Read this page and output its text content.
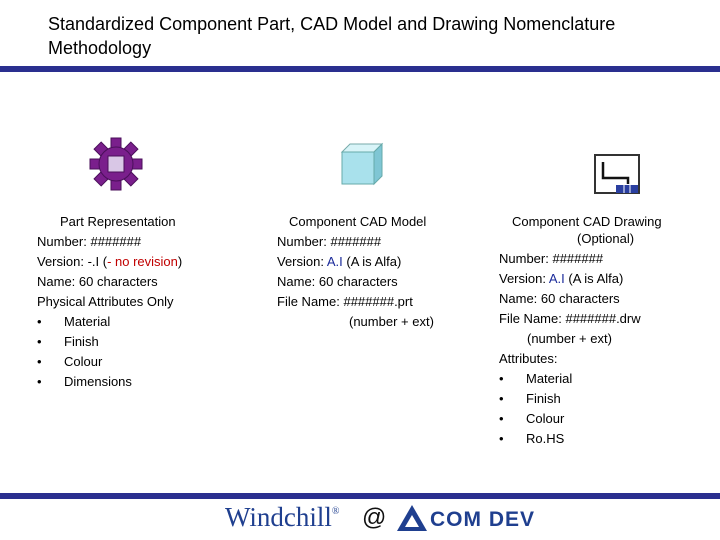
Standardized Component Part, CAD Model and Drawing Nomenclature Methodology
Part Representation
Number: #######
Version: -.I (- no revision)
Name: 60 characters
Physical Attributes Only
•	Material
•	Finish
•	Colour
•	Dimensions
Component CAD Model
Number: #######
Version: A.I (A is Alfa)
Name: 60 characters
File Name: #######.prt
(number + ext)
Component CAD Drawing
(Optional)
Number: #######
Version: A.I (A is Alfa)
Name: 60 characters
File Name: #######.drw
(number + ext)
Attributes:
•	Material
•	Finish
•	Colour
•	Ro.HS
Windchill® @ COM DEV
